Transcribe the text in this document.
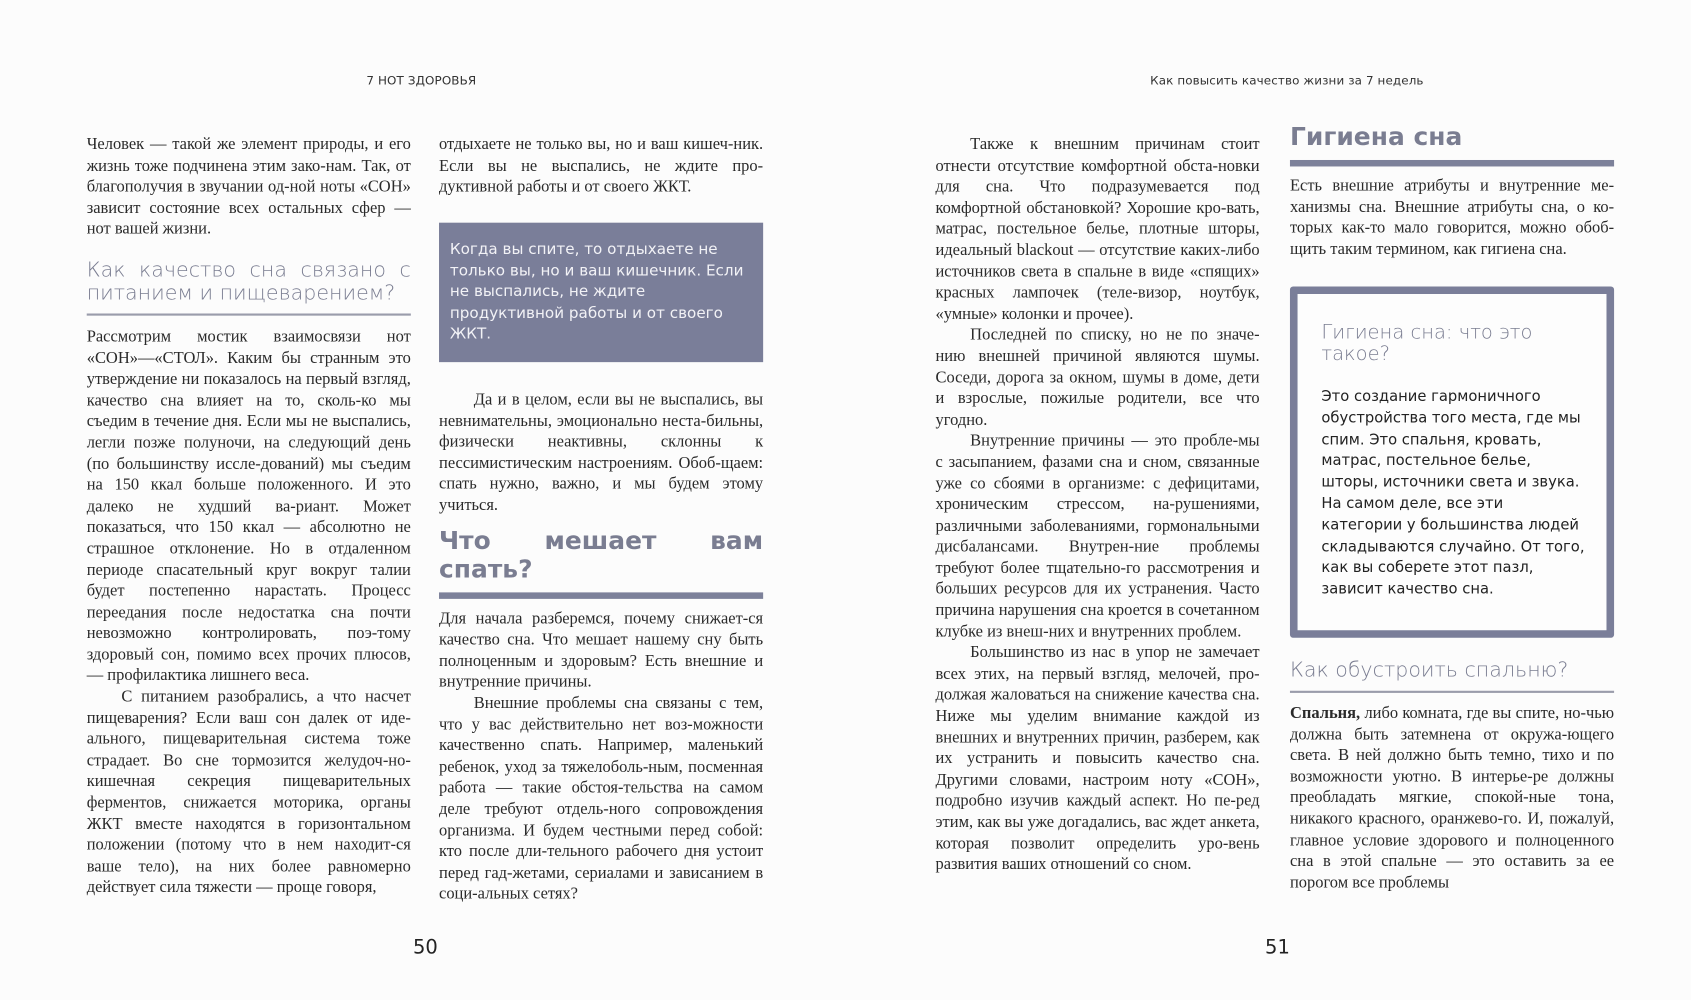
7 НОТ ЗДОРОВЬЯ

Человек — такой же элемент природы, и его жизнь тоже подчинена этим зако-нам. Так, от благополучия в звучании од-ной ноты «СОН» зависит состояние всех остальных сфер — нот вашей жизни.

Как качество сна связано с питанием и пищеварением?

Рассмотрим мостик взаимосвязи нот «СОН»—«СТОЛ». Каким бы странным это утверждение ни показалось на первый взгляд, качество сна влияет на то, сколь-ко мы съедим в течение дня. Если мы не выспались, легли позже полуночи, на следующий день (по большинству иссле-дований) мы съедим на 150 ккал больше положенного. И это далеко не худший ва-риант. Может показаться, что 150 ккал — абсолютно не страшное отклонение. Но в отдаленном периоде спасательный круг вокруг талии будет постепенно нарастать. Процесс переедания после недостатка сна почти невозможно контролировать, поэ-тому здоровый сон, помимо всех прочих плюсов, — профилактика лишнего веса.

С питанием разобрались, а что насчет пищеварения? Если ваш сон далек от иде-ального, пищеварительная система тоже страдает. Во сне тормозится желудоч-но-кишечная секреция пищеварительных ферментов, снижается моторика, органы ЖКТ вместе находятся в горизонтальном положении (потому что в нем находит-ся ваше тело), на них более равномерно действует сила тяжести — проще говоря,

отдыхаете не только вы, но и ваш кишеч-ник. Если вы не выспались, не ждите про-дуктивной работы и от своего ЖКТ.

Когда вы спите, то отдыхаете не только вы, но и ваш кишечник. Если не выспались, не ждите продуктивной работы и от своего ЖКТ.

Да и в целом, если вы не выспались, вы невнимательны, эмоционально неста-бильны, физически неактивны, склонны к пессимистическим настроениям. Обоб-щаем: спать нужно, важно, и мы будем этому учиться.

Что мешает вам спать?

Для начала разберемся, почему снижает-ся качество сна. Что мешает нашему сну быть полноценным и здоровым? Есть внешние и внутренние причины.

Внешние проблемы сна связаны с тем, что у вас действительно нет воз-можности качественно спать. Например, маленький ребенок, уход за тяжелоболь-ным, посменная работа — такие обстоя-тельства на самом деле требуют отдель-ного сопровождения организма. И будем честными перед собой: кто после дли-тельного рабочего дня устоит перед гад-жетами, сериалами и зависанием в соци-альных сетях?

50
Как повысить качество жизни за 7 недель

Также к внешним причинам стоит отнести отсутствие комфортной обста-новки для сна. Что подразумевается под комфортной обстановкой? Хорошие кро-вать, матрас, постельное белье, плотные шторы, идеальный blackout — отсутствие каких-либо источников света в спальне в виде «спящих» красных лампочек (теле-визор, ноутбук, «умные» колонки и прочее).

Последней по списку, но не по значе-нию внешней причиной являются шумы. Соседи, дорога за окном, шумы в доме, дети и взрослые, пожилые родители, все что угодно.

Внутренние причины — это пробле-мы с засыпанием, фазами сна и сном, связанные уже со сбоями в организме: с дефицитами, хроническим стрессом, на-рушениями, различными заболеваниями, гормональными дисбалансами. Внутрен-ние проблемы требуют более тщательно-го рассмотрения и больших ресурсов для их устранения. Часто причина нарушения сна кроется в сочетанном клубке из внеш-них и внутренних проблем.

Большинство из нас в упор не замечает всех этих, на первый взгляд, мелочей, про-должая жаловаться на снижение качества сна. Ниже мы уделим внимание каждой из внешних и внутренних причин, разберем, как их устранить и повысить качество сна. Другими словами, настроим ноту «СОН», подробно изучив каждый аспект. Но пе-ред этим, как вы уже догадались, вас ждет анкета, которая позволит определить уро-вень развития ваших отношений со сном.

Гигиена сна

Есть внешние атрибуты и внутренние ме-ханизмы сна. Внешние атрибуты сна, о ко-торых как-то мало говорится, можно обоб-щить таким термином, как гигиена сна.

Гигиена сна: что это такое?

Это создание гармоничного обустройства того места, где мы спим. Это спальня, кровать, матрас, постельное белье, шторы, источники света и звука. На самом деле, все эти категории у большинства людей складываются случайно. От того, как вы соберете этот пазл, зависит качество сна.

Как обустроить спальню?

Спальня, либо комната, где вы спите, но-чью должна быть затемнена от окружа-ющего света. В ней должно быть темно, тихо и по возможности уютно. В интерье-ре должны преобладать мягкие, спокой-ные тона, никакого красного, оранжево-го. И, пожалуй, главное условие здорового и полноценного сна в этой спальне — это оставить за ее порогом все проблемы

51
